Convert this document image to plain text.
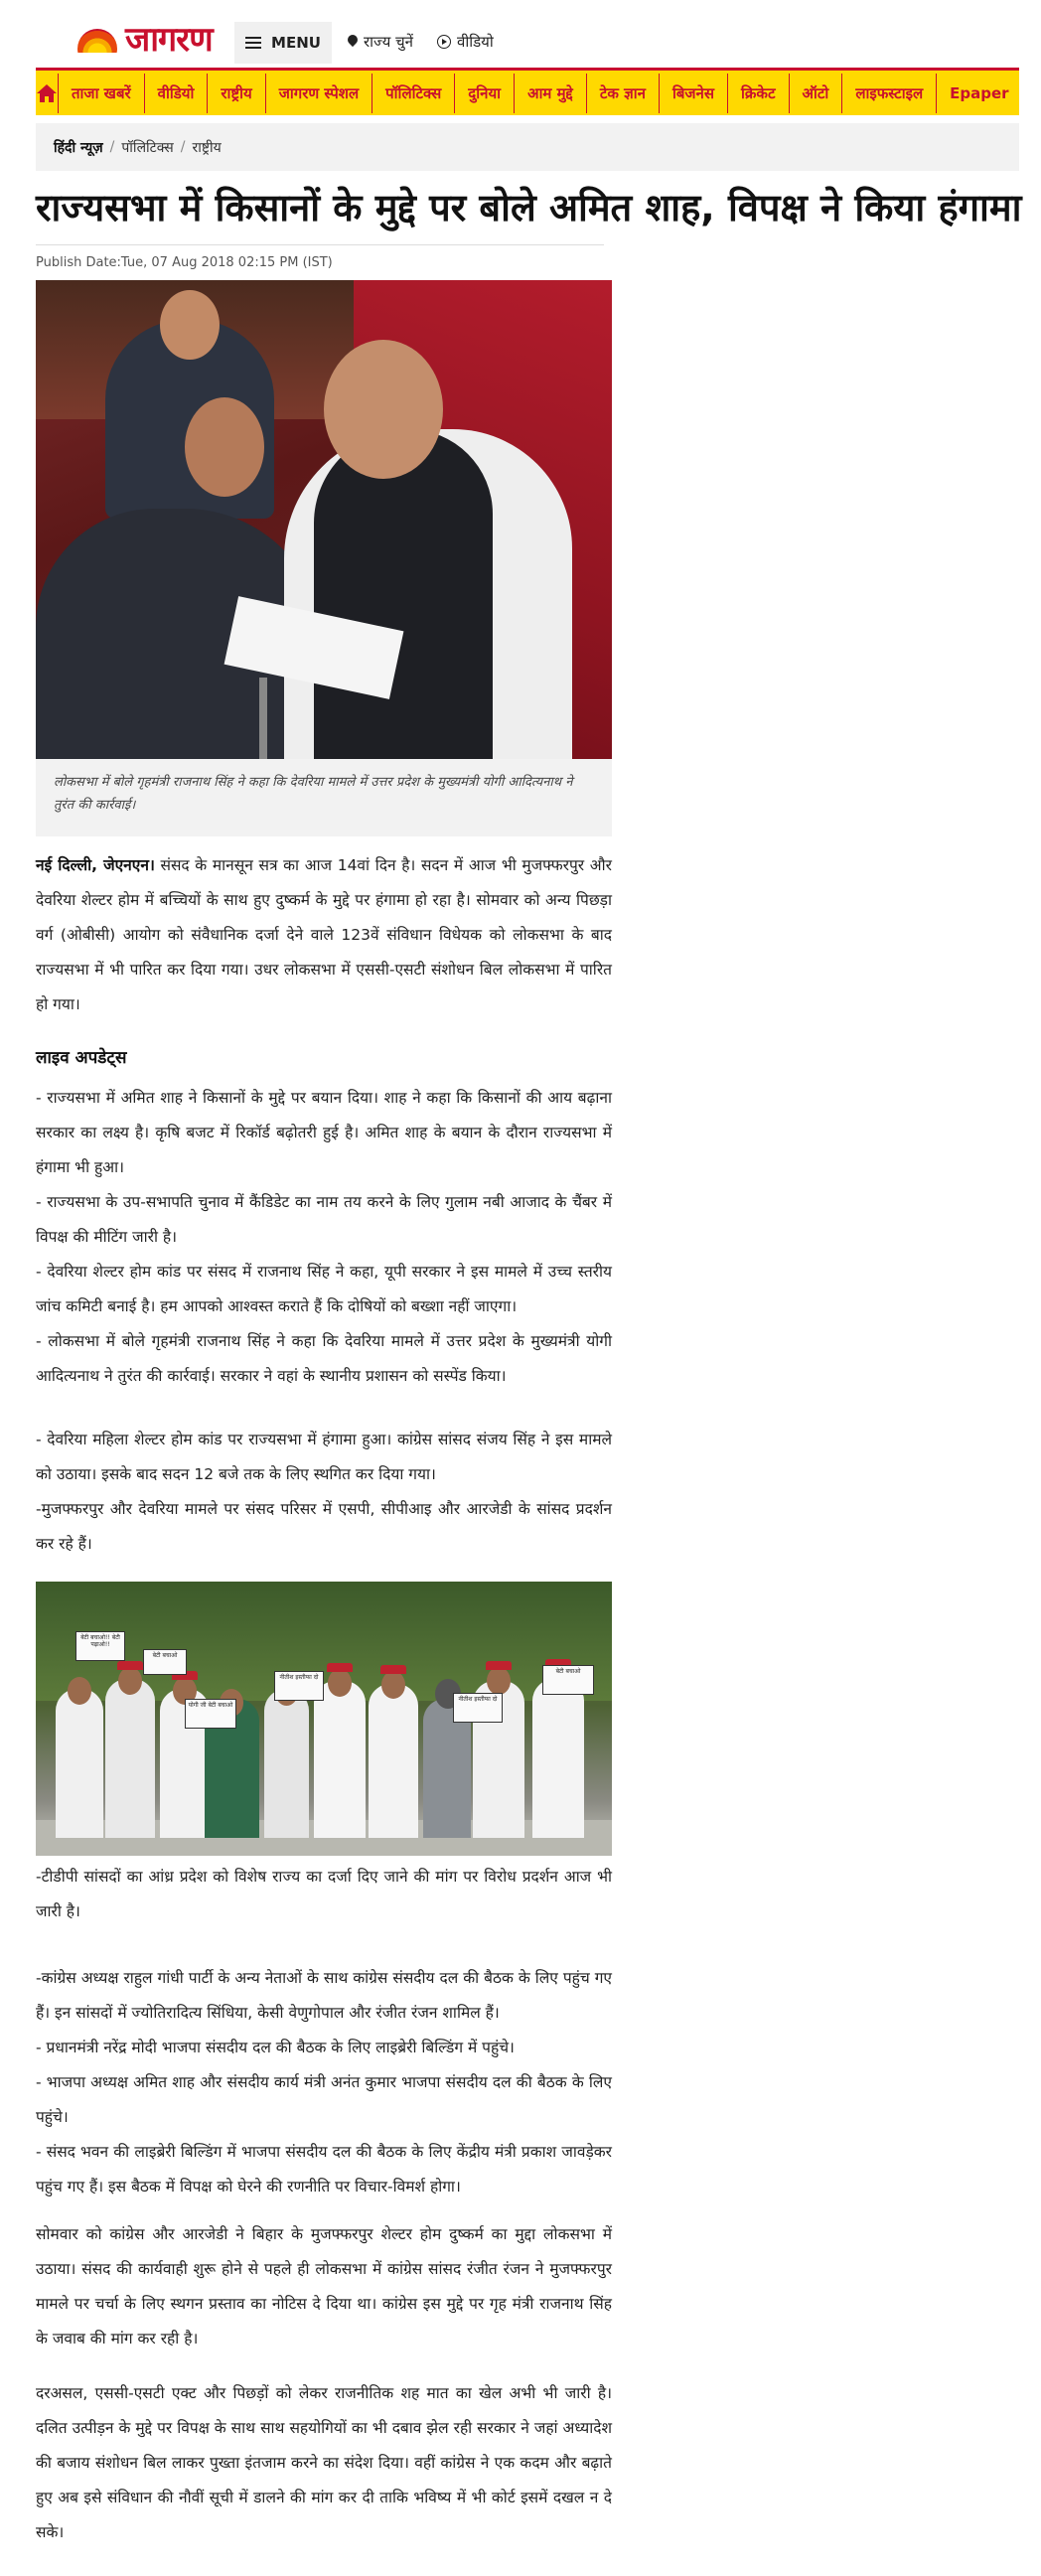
जागरण	MENU	राज्य चुनें	वीडियो
ताजा खबरें	वीडियो	राष्ट्रीय	जागरण स्पेशल	पॉलिटिक्स	दुनिया	आम मुद्दे	टेक ज्ञान	बिजनेस	क्रिकेट	ऑटो	लाइफस्टाइल	Epaper
हिंदी न्यूज़ / पॉलिटिक्स / राष्ट्रीय
राज्यसभा में किसानों के मुद्दे पर बोले अमित शाह, विपक्ष ने किया हंगामा
Publish Date:Tue, 07 Aug 2018 02:15 PM (IST)
लोकसभा में बोले गृहमंत्री राजनाथ सिंह ने कहा कि देवरिया मामले में उत्तर प्रदेश के मुख्यमंत्री योगी आदित्यनाथ ने तुरंत की कार्रवाई।
नई दिल्ली, जेएनएन। संसद के मानसून सत्र का आज 14वां दिन है। सदन में आज भी मुजफ्फरपुर और देवरिया शेल्टर होम में बच्चियों के साथ हुए दुष्कर्म के मुद्दे पर हंगामा हो रहा है। सोमवार को अन्य पिछड़ा वर्ग (ओबीसी) आयोग को संवैधानिक दर्जा देने वाले 123वें संविधान विधेयक को लोकसभा के बाद राज्यसभा में भी पारित कर दिया गया। उधर लोकसभा में एससी-एसटी संशोधन बिल लोकसभा में पारित हो गया।
लाइव अपडेट्स
- राज्यसभा में अमित शाह ने किसानों के मुद्दे पर बयान दिया। शाह ने कहा कि किसानों की आय बढ़ाना सरकार का लक्ष्य है। कृषि बजट में रिकॉर्ड बढ़ोतरी हुई है। अमित शाह के बयान के दौरान राज्यसभा में हंगामा भी हुआ।
- राज्यसभा के उप-सभापति चुनाव में कैंडिडेट का नाम तय करने के लिए गुलाम नबी आजाद के चैंबर में विपक्ष की मीटिंग जारी है।
- देवरिया शेल्टर होम कांड पर संसद में राजनाथ सिंह ने कहा, यूपी सरकार ने इस मामले में उच्च स्तरीय जांच कमिटी बनाई है। हम आपको आश्वस्त कराते हैं कि दोषियों को बख्शा नहीं जाएगा।
- लोकसभा में बोले गृहमंत्री राजनाथ सिंह ने कहा कि देवरिया मामले में उत्तर प्रदेश के मुख्यमंत्री योगी आदित्यनाथ ने तुरंत की कार्रवाई। सरकार ने वहां के स्थानीय प्रशासन को सस्पेंड किया।
- देवरिया महिला शेल्टर होम कांड पर राज्यसभा में हंगामा हुआ। कांग्रेस सांसद संजय सिंह ने इस मामले को उठाया। इसके बाद सदन 12 बजे तक के लिए स्थगित कर दिया गया।
-मुजफ्फरपुर और देवरिया मामले पर संसद परिसर में एसपी, सीपीआइ और आरजेडी के सांसद प्रदर्शन कर रहे हैं।
बेटी बचाओ!! बेटी पढ़ाओ!!
बेटी बचाओ
योगी जी बेटी बचाओ
नीतीश इस्तीफा दो
नीतीश इस्तीफा दो
बेटी बचाओ
-टीडीपी सांसदों का आंध्र प्रदेश को विशेष राज्य का दर्जा दिए जाने की मांग पर विरोध प्रदर्शन आज भी जारी है।
-कांग्रेस अध्यक्ष राहुल गांधी पार्टी के अन्य नेताओं के साथ कांग्रेस संसदीय दल की बैठक के लिए पहुंच गए हैं। इन सांसदों में ज्योतिरादित्य सिंधिया, केसी वेणुगोपाल और रंजीत रंजन शामिल हैं।
- प्रधानमंत्री नरेंद्र मोदी भाजपा संसदीय दल की बैठक के लिए लाइब्रेरी बिल्डिंग में पहुंचे।
- भाजपा अध्यक्ष अमित शाह और संसदीय कार्य मंत्री अनंत कुमार भाजपा संसदीय दल की बैठक के लिए पहुंचे।
- संसद भवन की लाइब्रेरी बिल्डिंग में भाजपा संसदीय दल की बैठक के लिए केंद्रीय मंत्री प्रकाश जावड़ेकर पहुंच गए हैं। इस बैठक में विपक्ष को घेरने की रणनीति पर विचार-विमर्श होगा।
सोमवार को कांग्रेस और आरजेडी ने बिहार के मुजफ्फरपुर शेल्टर होम दुष्कर्म का मुद्दा लोकसभा में उठाया। संसद की कार्यवाही शुरू होने से पहले ही लोकसभा में कांग्रेस सांसद रंजीत रंजन ने मुजफ्फरपुर मामले पर चर्चा के लिए स्थगन प्रस्ताव का नोटिस दे दिया था। कांग्रेस इस मुद्दे पर गृह मंत्री राजनाथ सिंह के जवाब की मांग कर रही है।
दरअसल, एससी-एसटी एक्ट और पिछड़ों को लेकर राजनीतिक शह मात का खेल अभी भी जारी है। दलित उत्पीड़न के मुद्दे पर विपक्ष के साथ साथ सहयोगियों का भी दबाव झेल रही सरकार ने जहां अध्यादेश की बजाय संशोधन बिल लाकर पुख्ता इंतजाम करने का संदेश दिया। वहीं कांग्रेस ने एक कदम और बढ़ाते हुए अब इसे संविधान की नौवीं सूची में डालने की मांग कर दी ताकि भविष्य में भी कोर्ट इसमें दखल न दे सके।
